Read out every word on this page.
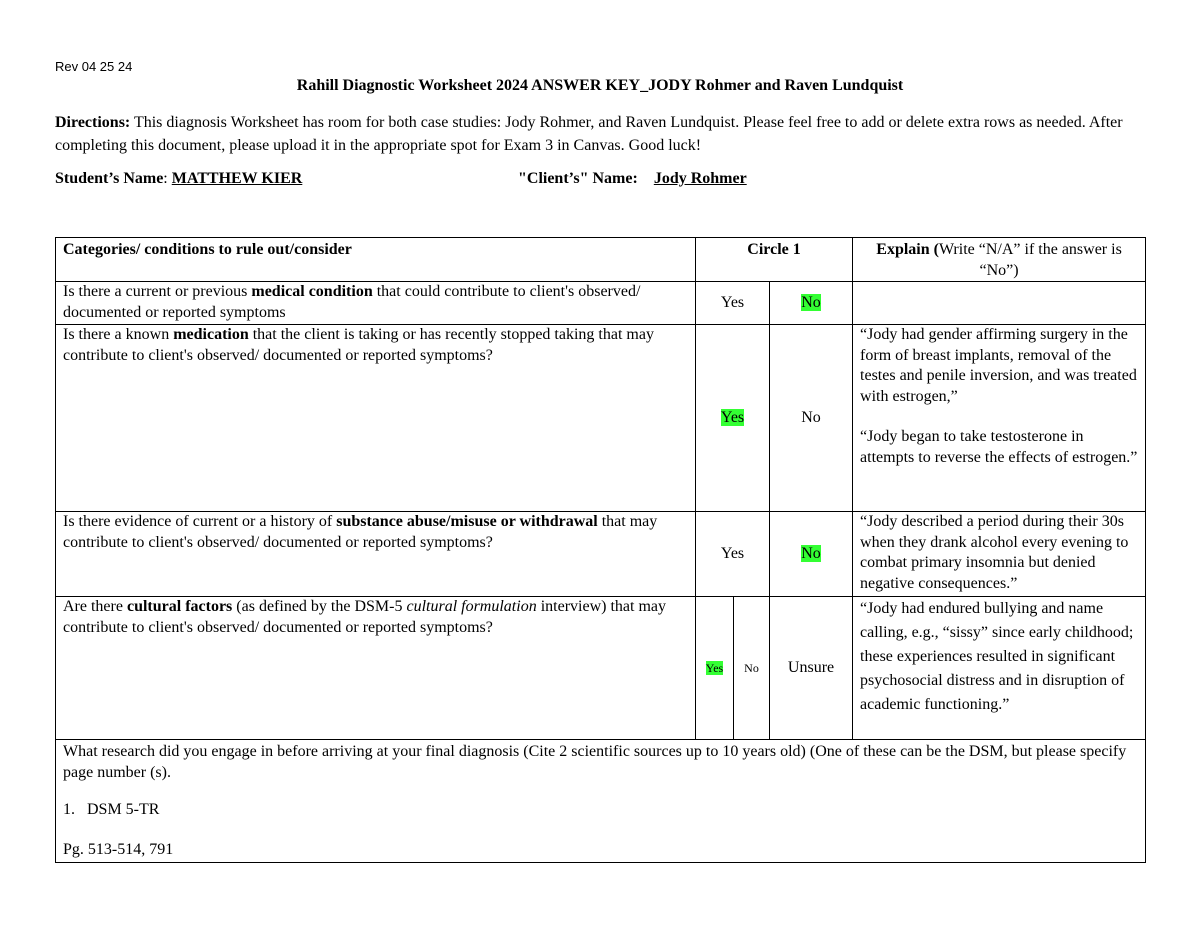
Rev 04 25 24
Rahill Diagnostic Worksheet 2024 ANSWER KEY_JODY Rohmer and Raven Lundquist
Directions: This diagnosis Worksheet has room for both case studies: Jody Rohmer, and Raven Lundquist. Please feel free to add or delete extra rows as needed. After completing this document, please upload it in the appropriate spot for Exam 3 in Canvas. Good luck!
Student’s Name: MATTHEW KIER	"Client’s" Name: Jody Rohmer
Categories/ conditions to rule out/consider	Circle 1			Explain (Write “N/A” if the answer is “No”)
Is there a current or previous medical condition that could contribute to client's observed/ documented or reported symptoms	Yes		No	
Is there a known medication that the client is taking or has recently stopped taking that may contribute to client's observed/ documented or reported symptoms?	Yes		No	“Jody had gender affirming surgery in the form of breast implants, removal of the testes and penile inversion, and was treated with estrogen,”
“Jody began to take testosterone in attempts to reverse the effects of estrogen.”

Is there evidence of current or a history of substance abuse/misuse or withdrawal that may contribute to client's observed/ documented or reported symptoms?	Yes		No	“Jody described a period during their 30s when they drank alcohol every evening to combat primary insomnia but denied negative consequences.”
Are there cultural factors (as defined by the DSM-5 cultural formulation interview) that may contribute to client's observed/ documented or reported symptoms?	Yes	No	Unsure	“Jody had endured bullying and name calling, e.g., “sissy” since early childhood; these experiences resulted in significant psychosocial distress and in disruption of academic functioning.”

What research did you engage in before arriving at your final diagnosis (Cite 2 scientific sources up to 10 years old) (One of these can be the DSM, but please specify page number (s).
1. DSM 5-TR
Pg. 513-514, 791				
